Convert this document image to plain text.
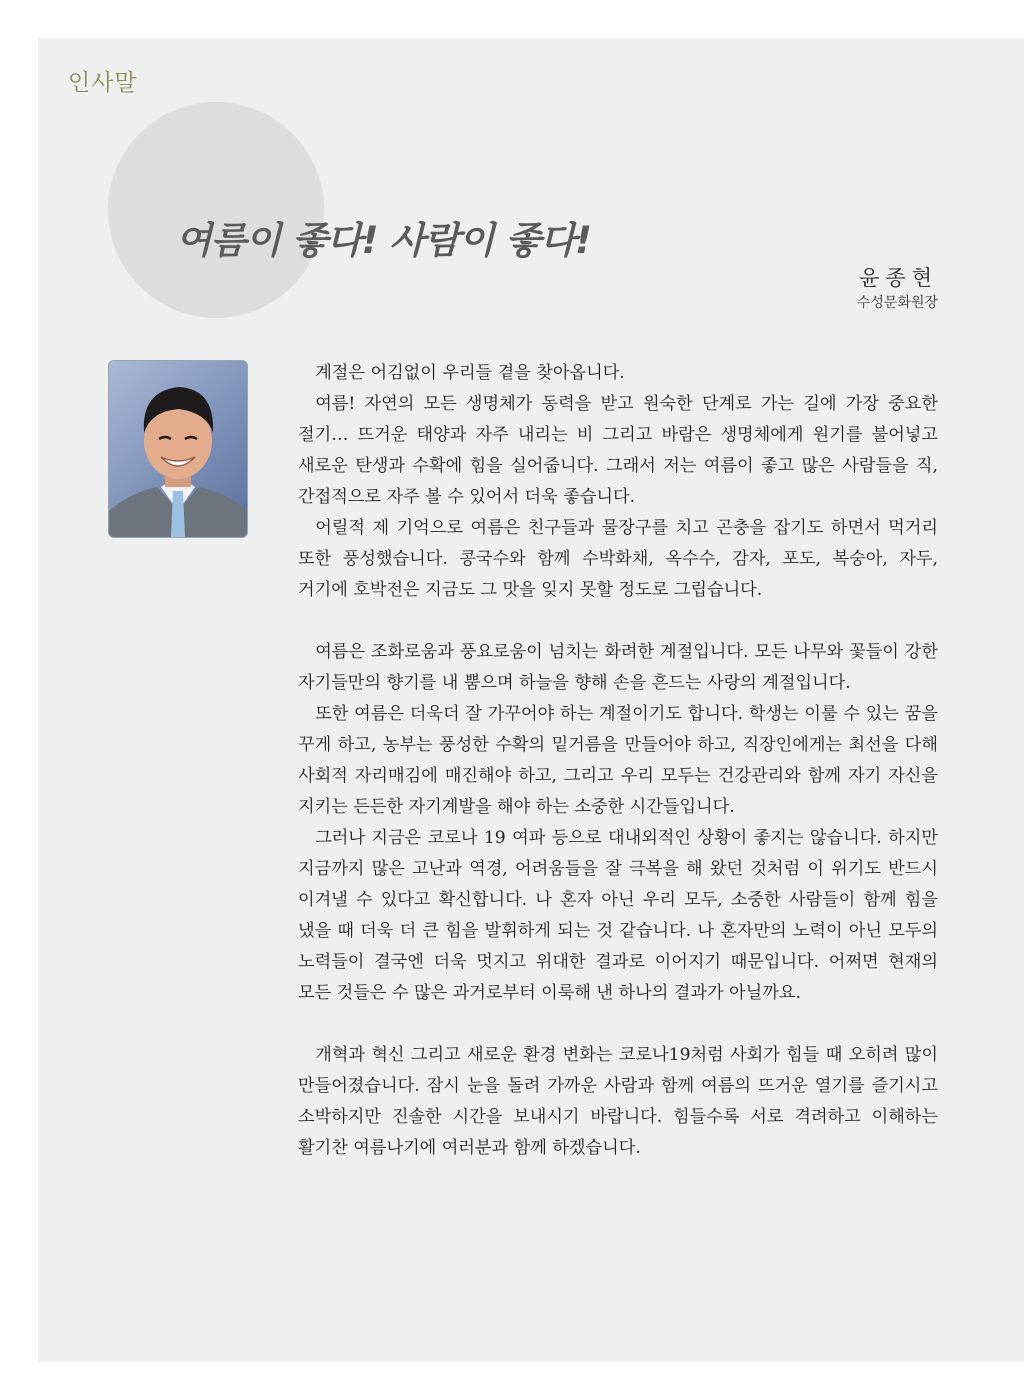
인사말
여름이 좋다! 사람이 좋다!
윤종현
수성문화원장

계절은 어김없이 우리들 곁을 찾아옵니다.

여름! 자연의 모든 생명체가 동력을 받고 원숙한 단계로 가는 길에 가장 중요한 절기… 뜨거운 태양과 자주 내리는 비 그리고 바람은 생명체에게 원기를 불어넣고 새로운 탄생과 수확에 힘을 실어줍니다. 그래서 저는 여름이 좋고 많은 사람들을 직,간접적으로 자주 볼 수 있어서 더욱 좋습니다.

어릴적 제 기억으로 여름은 친구들과 물장구를 치고 곤충을 잡기도 하면서 먹거리 또한 풍성했습니다. 콩국수와 함께 수박화채, 옥수수, 감자, 포도, 복숭아, 자두, 거기에 호박전은 지금도 그 맛을 잊지 못할 정도로 그립습니다.

여름은 조화로움과 풍요로움이 넘치는 화려한 계절입니다. 모든 나무와 꽃들이 강한 자기들만의 향기를 내 뿜으며 하늘을 향해 손을 흔드는 사랑의 계절입니다.

또한 여름은 더욱더 잘 가꾸어야 하는 계절이기도 합니다. 학생는 이룰 수 있는 꿈을 꾸게 하고, 농부는 풍성한 수확의 밑거름을 만들어야 하고, 직장인에게는 최선을 다해 사회적 자리매김에 매진해야 하고, 그리고 우리 모두는 건강관리와 함께 자기 자신을 지키는 든든한 자기계발을 해야 하는 소중한 시간들입니다.

그러나 지금은 코로나 19 여파 등으로 대내외적인 상황이 좋지는 않습니다. 하지만 지금까지 많은 고난과 역경, 어려움들을 잘 극복을 해 왔던 것처럼 이 위기도 반드시 이겨낼 수 있다고 확신합니다. 나 혼자 아닌 우리 모두, 소중한 사람들이 함께 힘을 냈을 때 더욱 더 큰 힘을 발휘하게 되는 것 같습니다. 나 혼자만의 노력이 아닌 모두의 노력들이 결국엔 더욱 멋지고 위대한 결과로 이어지기 때문입니다. 어쩌면 현재의 모든 것들은 수 많은 과거로부터 이룩해 낸 하나의 결과가 아닐까요.

개혁과 혁신 그리고 새로운 환경 변화는 코로나19처럼 사회가 힘들 때 오히려 많이 만들어졌습니다. 잠시 눈을 돌려 가까운 사람과 함께 여름의 뜨거운 열기를 즐기시고 소박하지만 진솔한 시간을 보내시기 바랍니다. 힘들수록 서로 격려하고 이해하는 활기찬 여름나기에 여러분과 함께 하겠습니다.
